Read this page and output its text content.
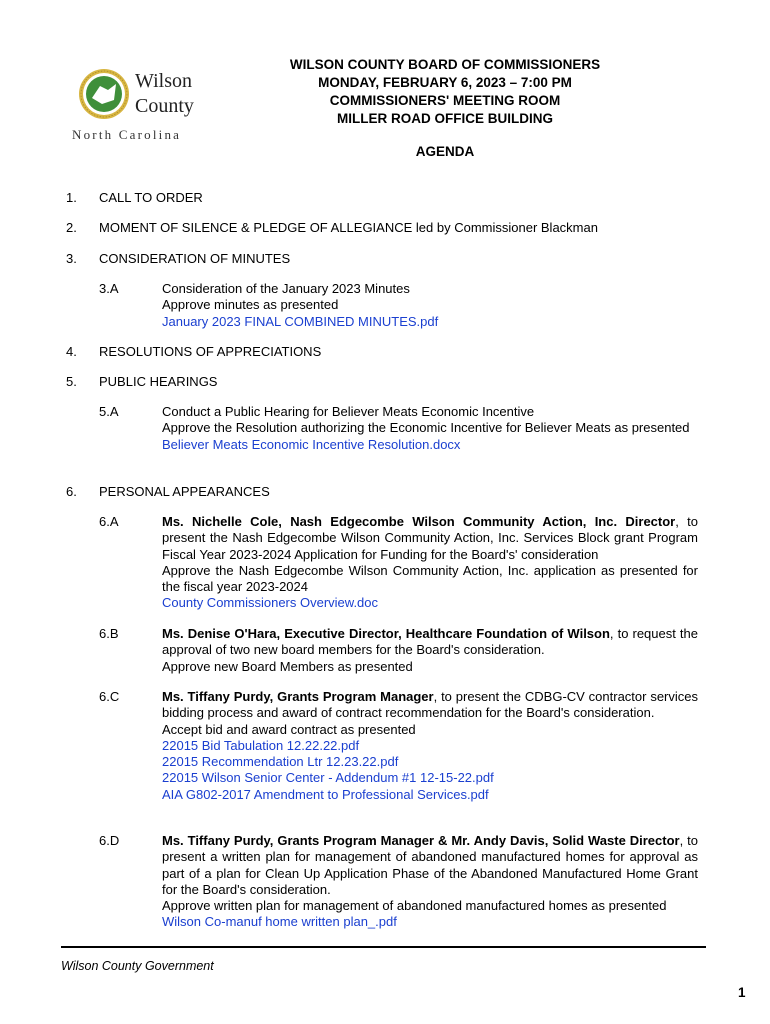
Wilson
County
North Carolina
WILSON COUNTY BOARD OF COMMISSIONERS
MONDAY, FEBRUARY 6, 2023 – 7:00 PM
COMMISSIONERS' MEETING ROOM
MILLER ROAD OFFICE BUILDING
AGENDA
1. CALL TO ORDER
2. MOMENT OF SILENCE & PLEDGE OF ALLEGIANCE led by Commissioner Blackman
3. CONSIDERATION OF MINUTES
3.A	Consideration of the January 2023 Minutes

Approve minutes as presented

January 2023 FINAL COMBINED MINUTES.pdf

4. RESOLUTIONS OF APPRECIATIONS
5. PUBLIC HEARINGS
5.A	Conduct a Public Hearing for Believer Meats Economic Incentive

Approve the Resolution authorizing the Economic Incentive for Believer Meats as presented

Believer Meats Economic Incentive Resolution.docx

6. PERSONAL APPEARANCES
6.A	Ms. Nichelle Cole, Nash Edgecombe Wilson Community Action, Inc. Director, to present the Nash Edgecombe Wilson Community Action, Inc. Services Block grant Program Fiscal Year 2023-2024 Application for Funding for the Board's' consideration

Approve the Nash Edgecombe Wilson Community Action, Inc. application as presented for the fiscal year 2023-2024

County Commissioners Overview.doc

6.B	Ms. Denise O'Hara, Executive Director, Healthcare Foundation of Wilson, to request the approval of two new board members for the Board's consideration.

Approve new Board Members as presented

6.C	Ms. Tiffany Purdy, Grants Program Manager, to present the CDBG-CV contractor services bidding process and award of contract recommendation for the Board's consideration.

Accept bid and award contract as presented

22015 Bid Tabulation 12.22.22.pdf

22015 Recommendation Ltr 12.23.22.pdf

22015 Wilson Senior Center - Addendum #1 12-15-22.pdf

AIA G802-2017 Amendment to Professional Services.pdf

6.D	Ms. Tiffany Purdy, Grants Program Manager & Mr. Andy Davis, Solid Waste Director, to present a written plan for management of abandoned manufactured homes for approval as part of a plan for Clean Up Application Phase of the Abandoned Manufactured Home Grant for the Board's consideration.

Approve written plan for management of abandoned manufactured homes as presented

Wilson Co-manuf home written plan_.pdf

Wilson County Government
1
